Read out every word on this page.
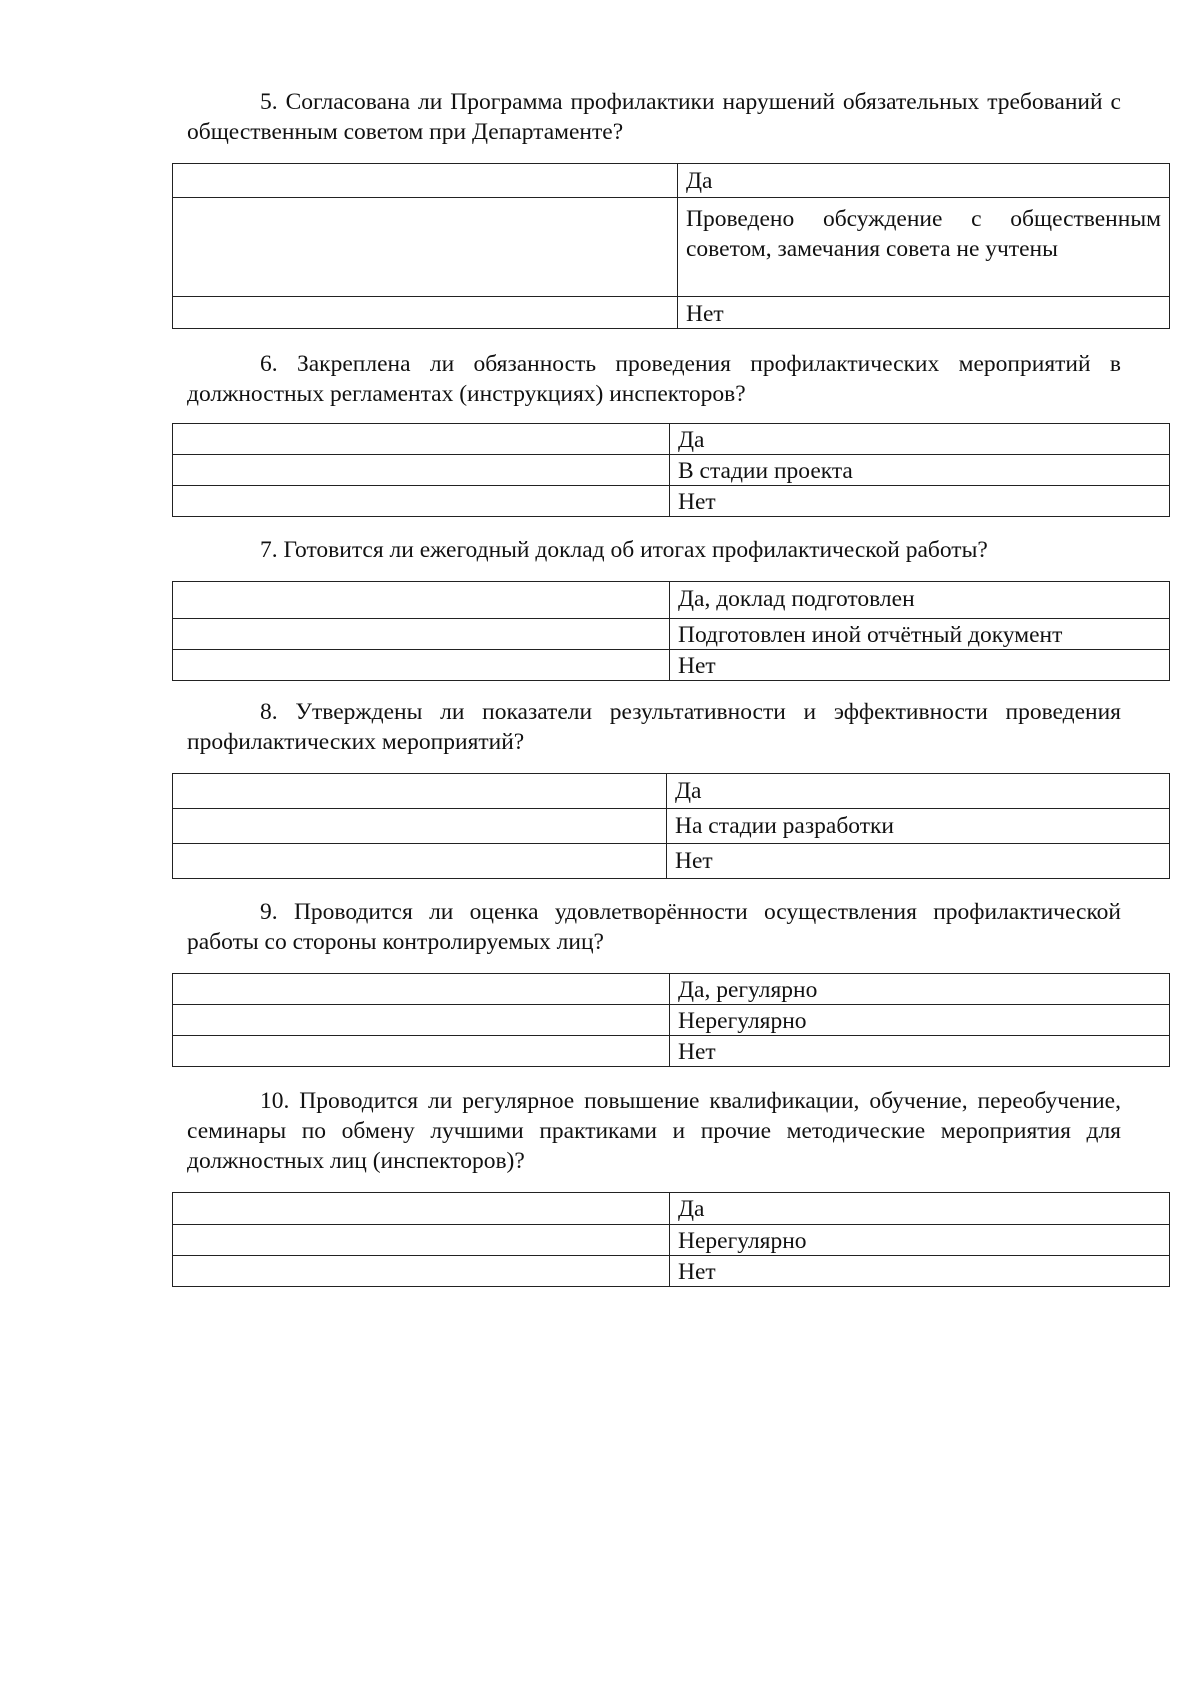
5. Согласована ли Программа профилактики нарушений обязательных требований с общественным советом при Департаменте?

	Да
	Проведено обсуждение с общественным советом, замечания совета не учтены
	Нет

6. Закреплена ли обязанность проведения профилактических мероприятий в должностных регламентах (инструкциях) инспекторов?

	Да
	В стадии проекта
	Нет

7. Готовится ли ежегодный доклад об итогах профилактической работы?

	Да, доклад подготовлен
	Подготовлен иной отчётный документ
	Нет

8. Утверждены ли показатели результативности и эффективности проведения профилактических мероприятий?

	Да
	На стадии разработки
	Нет

9. Проводится ли оценка удовлетворённости осуществления профилактической работы со стороны контролируемых лиц?

	Да, регулярно
	Нерегулярно
	Нет

10. Проводится ли регулярное повышение квалификации, обучение, переобучение, семинары по обмену лучшими практиками и прочие методические мероприятия для должностных лиц (инспекторов)?

	Да
	Нерегулярно
	Нет
